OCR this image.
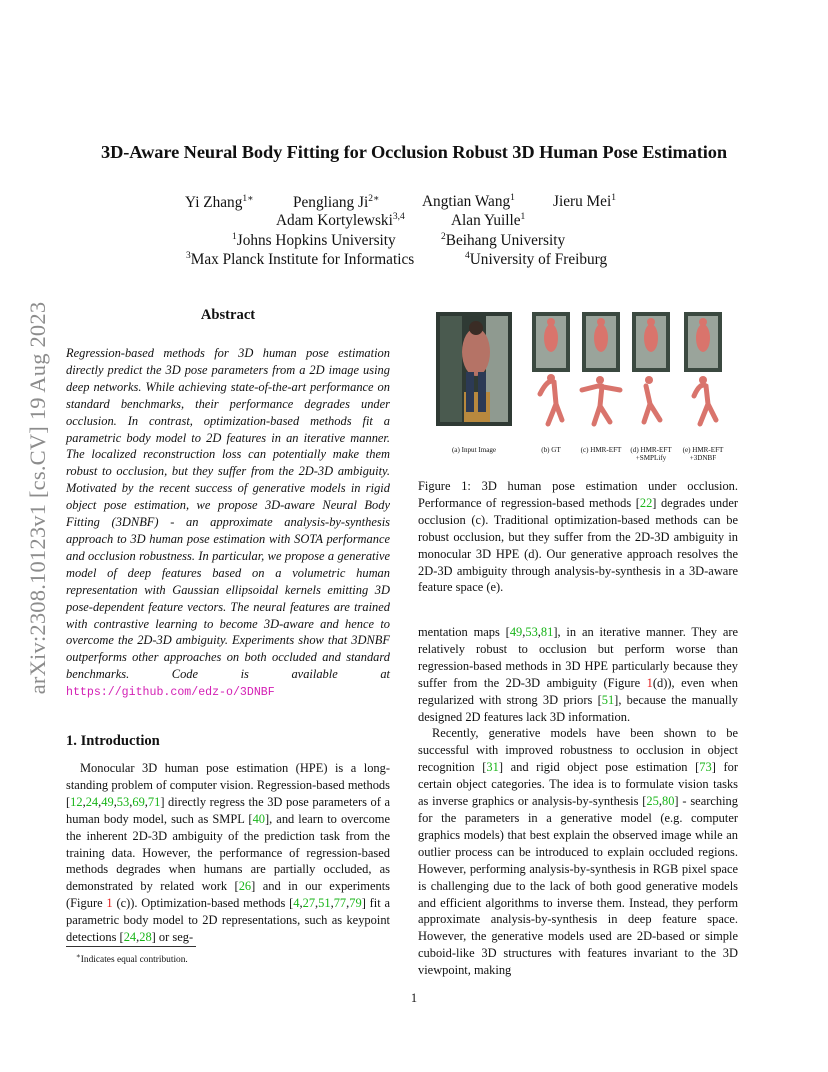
3D-Aware Neural Body Fitting for Occlusion Robust 3D Human Pose Estimation
Yi Zhang$^{1∗}$	Pengliang $Ji^{2∗}$	Angtian Wang$^1$ Jieru Mei$^1$
Adam Kortylewski$^{3,4}$	Alan Yuille$^1$
$^1$Johns Hopkins University	$^2$Beihang University
$^3$Max Planck Institute for Informatics	$^4$University of Freiburg
arXiv:2308.10123v1 [cs.CV] 19 Aug 2023	Abstract
Regression-based methods for 3D human pose estimation directly predict the 3D pose parameters from a 2D image using deep networks. While achieving state-of-the-art performance on standard benchmarks, their performance degrades under occlusion. In contrast, optimization-based methods fit a parametric body model to 2D features in an iterative manner. The localized reconstruction loss can potentially make them robust to occlusion, but they suffer from the 2D-3D ambiguity. Motivated by the recent success of generative models in rigid object pose estimation, we propose 3D-aware Neural Body Fitting (3DNBF) - an approximate analysis-by-synthesis approach to 3D human pose estimation with SOTA performance and occlusion robustness. In particular, we propose a generative model of deep features based on a volumetric human representation with Gaussian ellipsoidal kernels emitting 3D pose-dependent feature vectors. The neural features are trained with contrastive learning to become 3D-aware and hence to overcome the 2D-3D ambiguity. Experiments show that 3DNBF outperforms other approaches on both occluded and standard benchmarks. Code is available at https://github.com/edz-o/3DNBF
1. Introduction

Monocular 3D human pose estimation (HPE) is a long-standing problem of computer vision. Regression-based methods [12,24,49,53,69,71] directly regress the 3D pose parameters of a human body model, such as SMPL [40], and learn to overcome the inherent 2D-3D ambiguity of the prediction task from the training data. However, the performance of regression-based methods degrades when humans are partially occluded, as demonstrated by related work [26] and in our experiments (Figure 1 (c)). Optimization-based methods [4,27,51,77,79] fit a parametric body model to 2D representations, such as keypoint detections [24,28] or seg-

∗Indicates equal contribution.
(a) Input Image	(b) GT	(c) HMR-EFT	(d) HMR-EFT
+SMPLify
(e) HMR-EFT
+3DNBF
Figure 1: 3D human pose estimation under occlusion. Performance of regression-based methods [22] degrades under occlusion (c). Traditional optimization-based methods can be robust occlusion, but they suffer from the 2D-3D ambiguity in monocular 3D HPE (d). Our generative approach resolves the 2D-3D ambiguity through analysis-by-synthesis in a 3D-aware feature space (e).

mentation maps [49,53,81], in an iterative manner. They are relatively robust to occlusion but perform worse than regression-based methods in 3D HPE particularly because they suffer from the 2D-3D ambiguity (Figure 1(d)), even when regularized with strong 3D priors [51], because the manually designed 2D features lack 3D information.

Recently, generative models have been shown to be successful with improved robustness to occlusion in object recognition [31] and rigid object pose estimation [73] for certain object categories. The idea is to formulate vision tasks as inverse graphics or analysis-by-synthesis [25,80] - searching for the parameters in a generative model (e.g. computer graphics models) that best explain the observed image while an outlier process can be introduced to explain occluded regions. However, performing analysis-by-synthesis in RGB pixel space is challenging due to the lack of both good generative models and efficient algorithms to inverse them. Instead, they perform approximate analysis-by-synthesis in deep feature space. However, the generative models used are 2D-based or simple cuboid-like 3D structures with features invariant to the 3D viewpoint, making

1
